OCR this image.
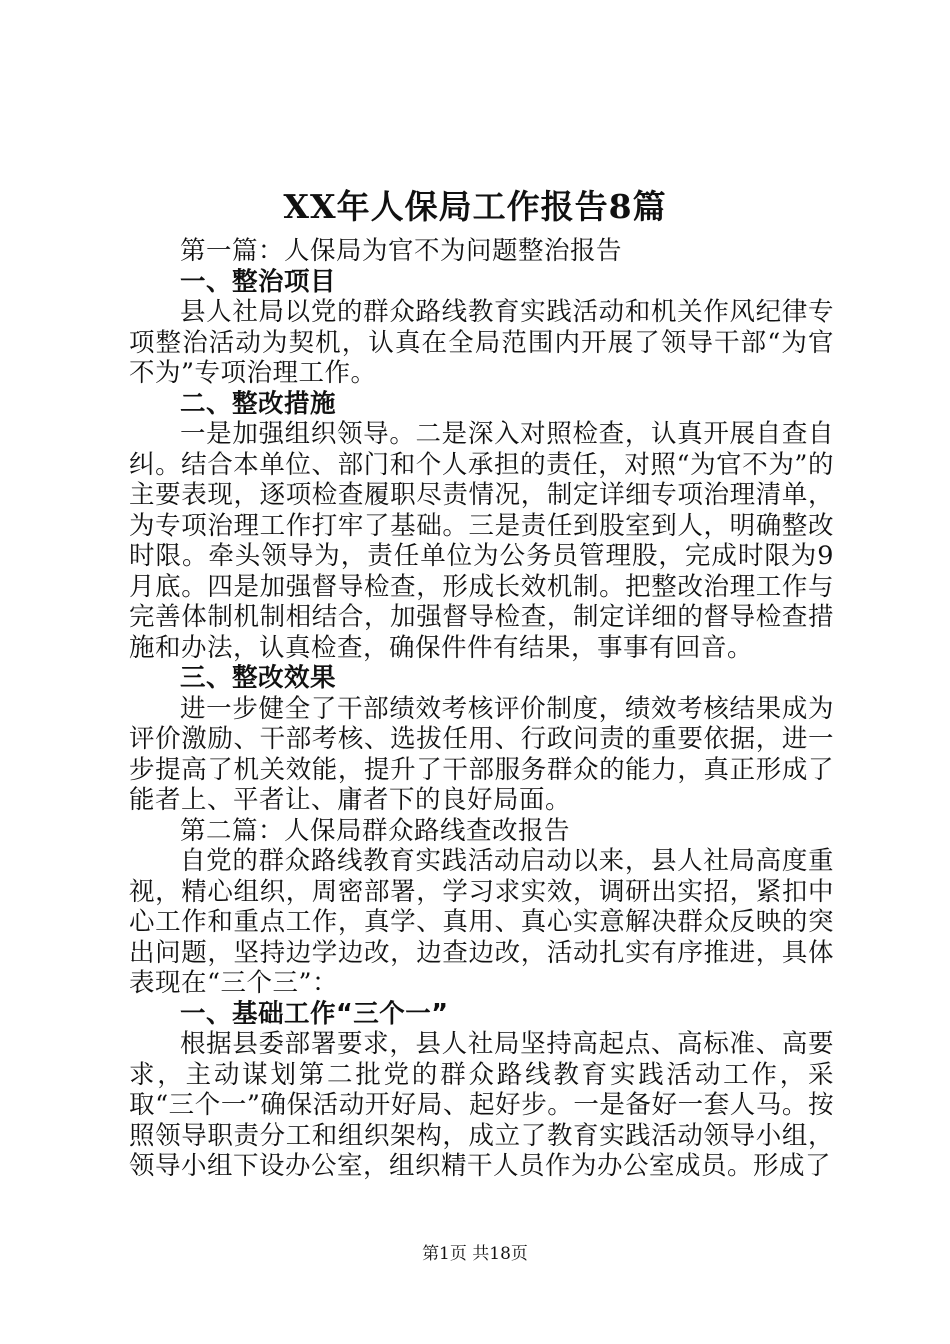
XX年人保局工作报告8篇

第一篇：人保局为官不为问题整治报告

一、整治项目

县人社局以党的群众路线教育实践活动和机关作风纪律专项整治活动为契机，认真在全局范围内开展了领导干部“为官不为”专项治理工作。

二、整改措施

一是加强组织领导。二是深入对照检查，认真开展自查自纠。结合本单位、部门和个人承担的责任，对照“为官不为”的主要表现，逐项检查履职尽责情况，制定详细专项治理清单，为专项治理工作打牢了基础。三是责任到股室到人，明确整改时限。牵头领导为，责任单位为公务员管理股，完成时限为9月底。四是加强督导检查，形成长效机制。把整改治理工作与完善体制机制相结合，加强督导检查，制定详细的督导检查措施和办法，认真检查，确保件件有结果，事事有回音。

三、整改效果

进一步健全了干部绩效考核评价制度，绩效考核结果成为评价激励、干部考核、选拔任用、行政问责的重要依据，进一步提高了机关效能，提升了干部服务群众的能力，真正形成了能者上、平者让、庸者下的良好局面。

第二篇：人保局群众路线查改报告

自党的群众路线教育实践活动启动以来，县人社局高度重视，精心组织，周密部署，学习求实效，调研出实招，紧扣中心工作和重点工作，真学、真用、真心实意解决群众反映的突出问题，坚持边学边改，边查边改，活动扎实有序推进，具体表现在“三个三”：

一、基础工作“三个一”

根据县委部署要求，县人社局坚持高起点、高标准、高要求，主动谋划第二批党的群众路线教育实践活动工作，采取“三个一”确保活动开好局、起好步。一是备好一套人马。按照领导职责分工和组织架构，成立了教育实践活动领导小组，领导小组下设办公室，组织精干人员作为办公室成员。形成了

第1页 共18页
